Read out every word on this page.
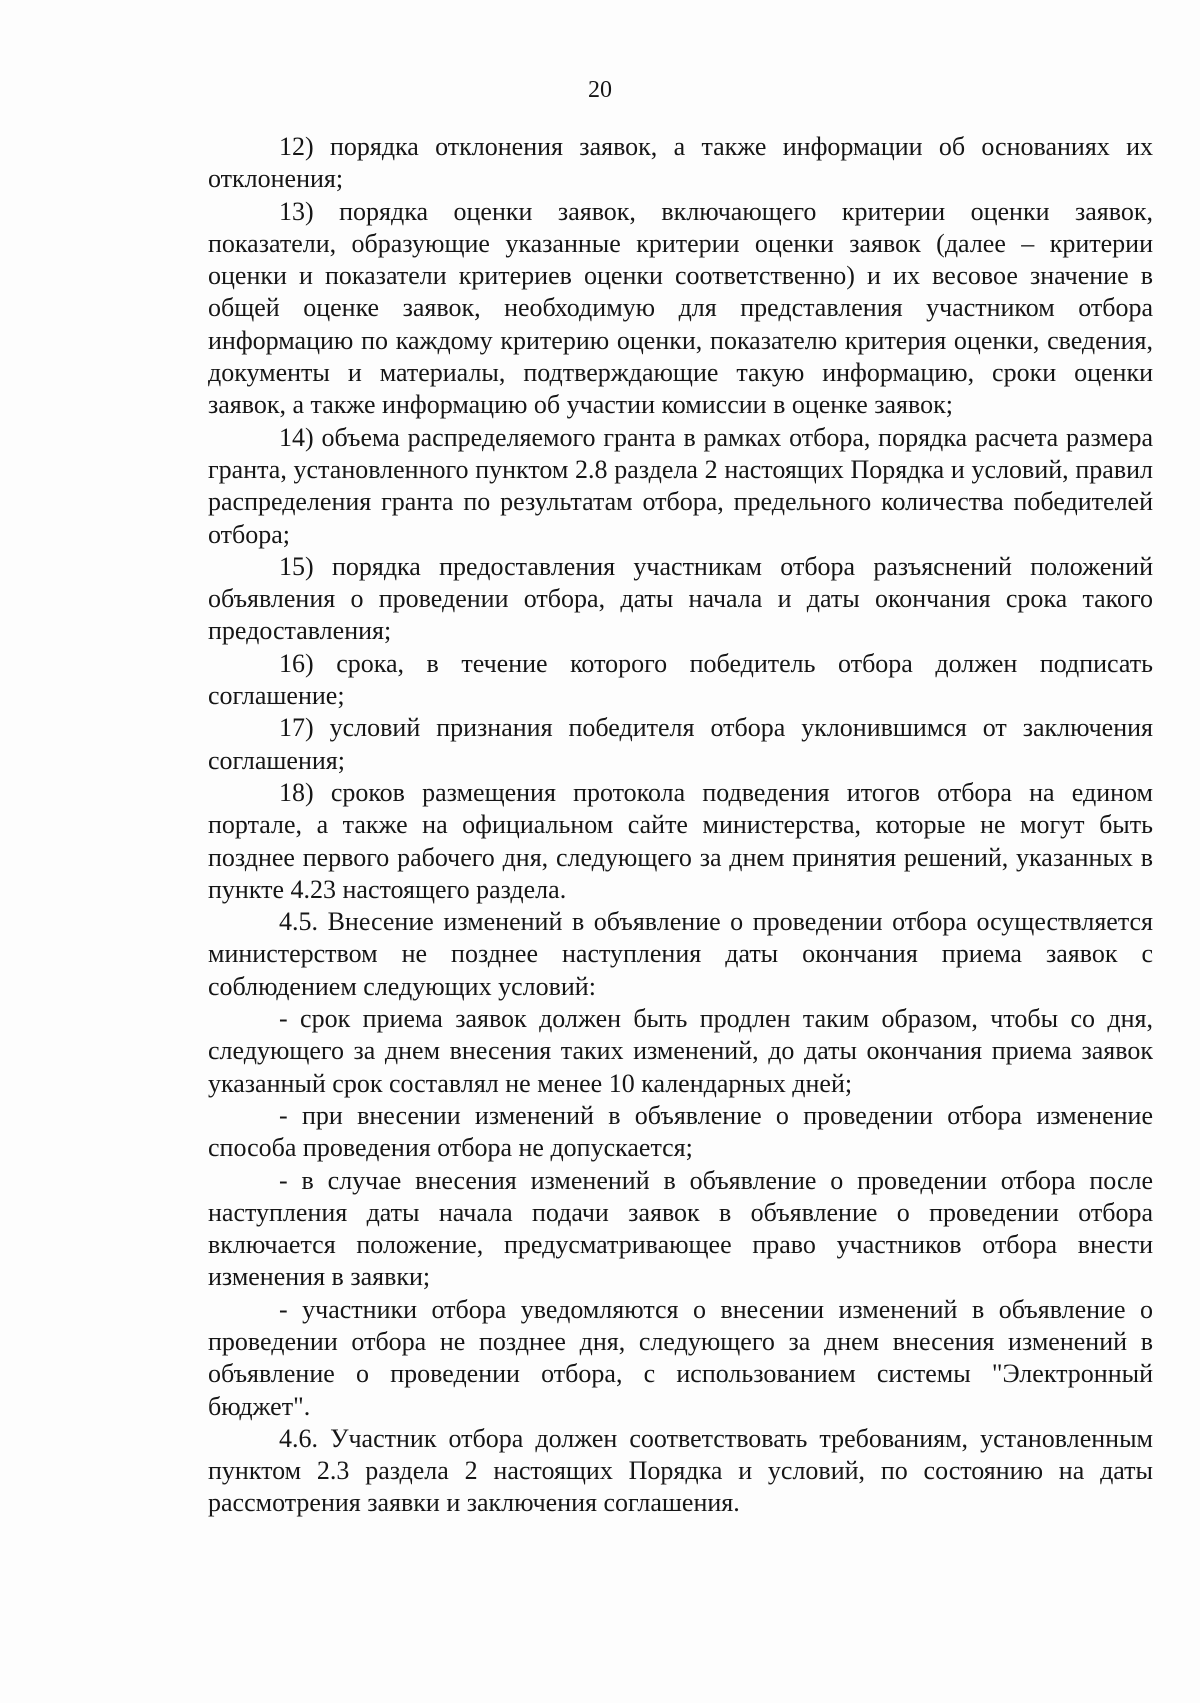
20

12) порядка отклонения заявок, а также информации об основаниях их отклонения;

13) порядка оценки заявок, включающего критерии оценки заявок, показатели, образующие указанные критерии оценки заявок (далее – критерии оценки и показатели критериев оценки соответственно) и их весовое значение в общей оценке заявок, необходимую для представления участником отбора информацию по каждому критерию оценки, показателю критерия оценки, сведения, документы и материалы, подтверждающие такую информацию, сроки оценки заявок, а также информацию об участии комиссии в оценке заявок;

14) объема распределяемого гранта в рамках отбора, порядка расчета размера гранта, установленного пунктом 2.8 раздела 2 настоящих Порядка и условий, правил распределения гранта по результатам отбора, предельного количества победителей отбора;

15) порядка предоставления участникам отбора разъяснений положений объявления о проведении отбора, даты начала и даты окончания срока такого предоставления;

16) срока, в течение которого победитель отбора должен подписать соглашение;

17) условий признания победителя отбора уклонившимся от заключения соглашения;

18) сроков размещения протокола подведения итогов отбора на едином портале, а также на официальном сайте министерства, которые не могут быть позднее первого рабочего дня, следующего за днем принятия решений, указанных в пункте 4.23 настоящего раздела.

4.5. Внесение изменений в объявление о проведении отбора осуществляется министерством не позднее наступления даты окончания приема заявок с соблюдением следующих условий:

- срок приема заявок должен быть продлен таким образом, чтобы со дня, следующего за днем внесения таких изменений, до даты окончания приема заявок указанный срок составлял не менее 10 календарных дней;

- при внесении изменений в объявление о проведении отбора изменение способа проведения отбора не допускается;

- в случае внесения изменений в объявление о проведении отбора после наступления даты начала подачи заявок в объявление о проведении отбора включается положение, предусматривающее право участников отбора внести изменения в заявки;

- участники отбора уведомляются о внесении изменений в объявление о проведении отбора не позднее дня, следующего за днем внесения изменений в объявление о проведении отбора, с использованием системы "Электронный бюджет".

4.6. Участник отбора должен соответствовать требованиям, установленным пунктом 2.3 раздела 2 настоящих Порядка и условий, по состоянию на даты рассмотрения заявки и заключения соглашения.
